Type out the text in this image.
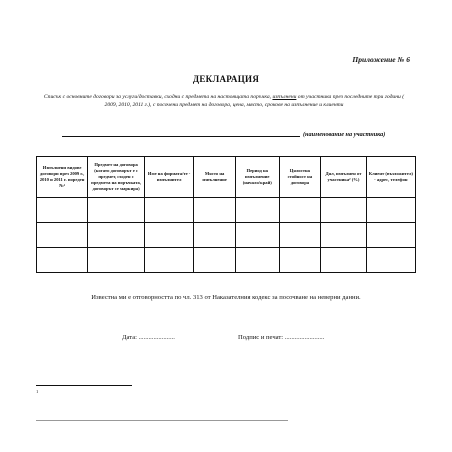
Приложение № 6
ДЕКЛАРАЦИЯ
Списък с основните договори за услуги/доставки, сходни с предмета на настоящата поръчка, изпълнени от участника през последните три години ( 2009, 2010, 2011 г.), с посочени предмет на договора, цена, място, срокове на изпълнение и клиенти
(наименование на участника)
Изпълнени видове договори през 2009 г., 2010 и 2011 г. пореден №¹	Предмет на договора (когато договорът е с предмет, сходен с предмета на поръчката, договорът се маркира)	Име на фирмата/те - изпълнител	Място на изпълнение	Период на изпълнение (начало/край)	Цялостна стойност на договора	Дял, изпълнен от участника² (%)	Клиент (възложител) - адрес, телефон

Известна ми е отговорността по чл. 313 от Наказателния кодекс за посочване на неверни данни.
Дата: ......................	Подпис и печат: ........................
1
